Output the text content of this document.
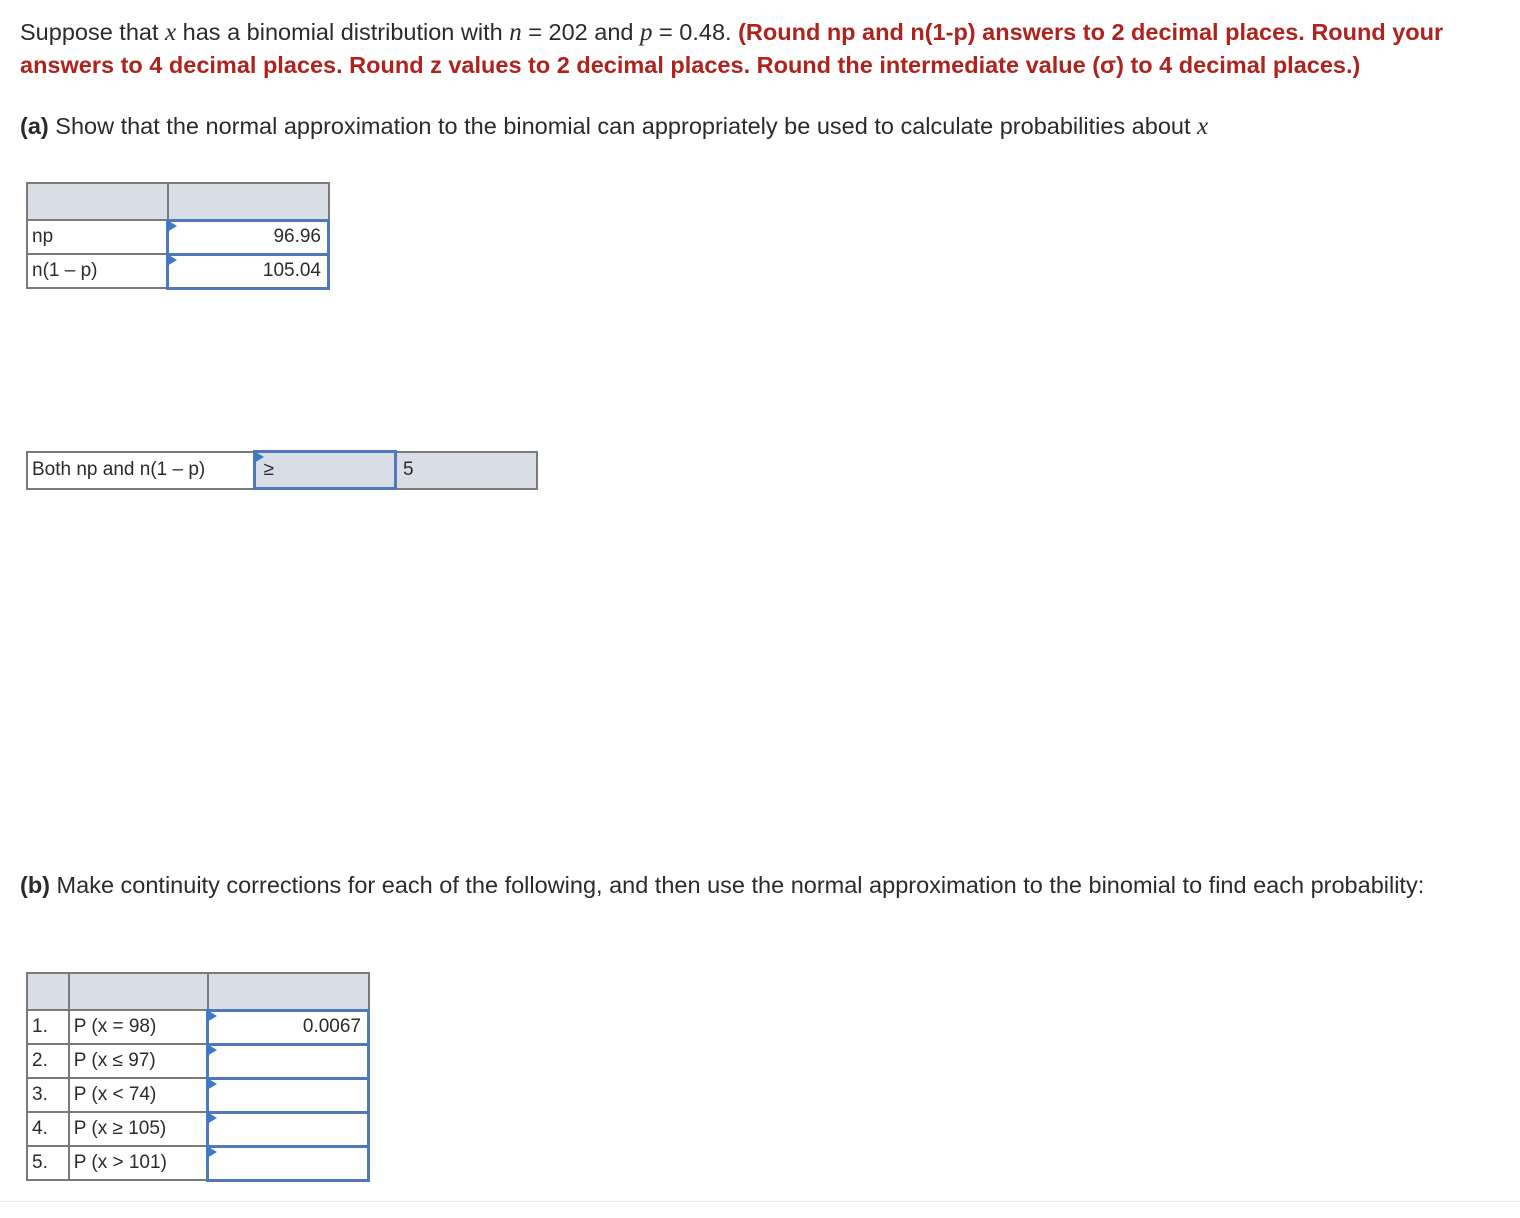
Suppose that x has a binomial distribution with n = 202 and p = 0.48. (Round np and n(1-p) answers to 2 decimal places. Round your answers to 4 decimal places. Round z values to 2 decimal places. Round the intermediate value (σ) to 4 decimal places.)
(a) Show that the normal approximation to the binomial can appropriately be used to calculate probabilities about x

np	96.96
n(1 – p)	105.04
Both np and n(1 – p)	≥	5
(b) Make continuity corrections for each of the following, and then use the normal approximation to the binomial to find each probability:

1.	P (x = 98)	0.0067
2.	P (x ≤ 97)	

3.	P (x < 74)	

4.	P (x ≥ 105)	

5.	P (x > 101)	
